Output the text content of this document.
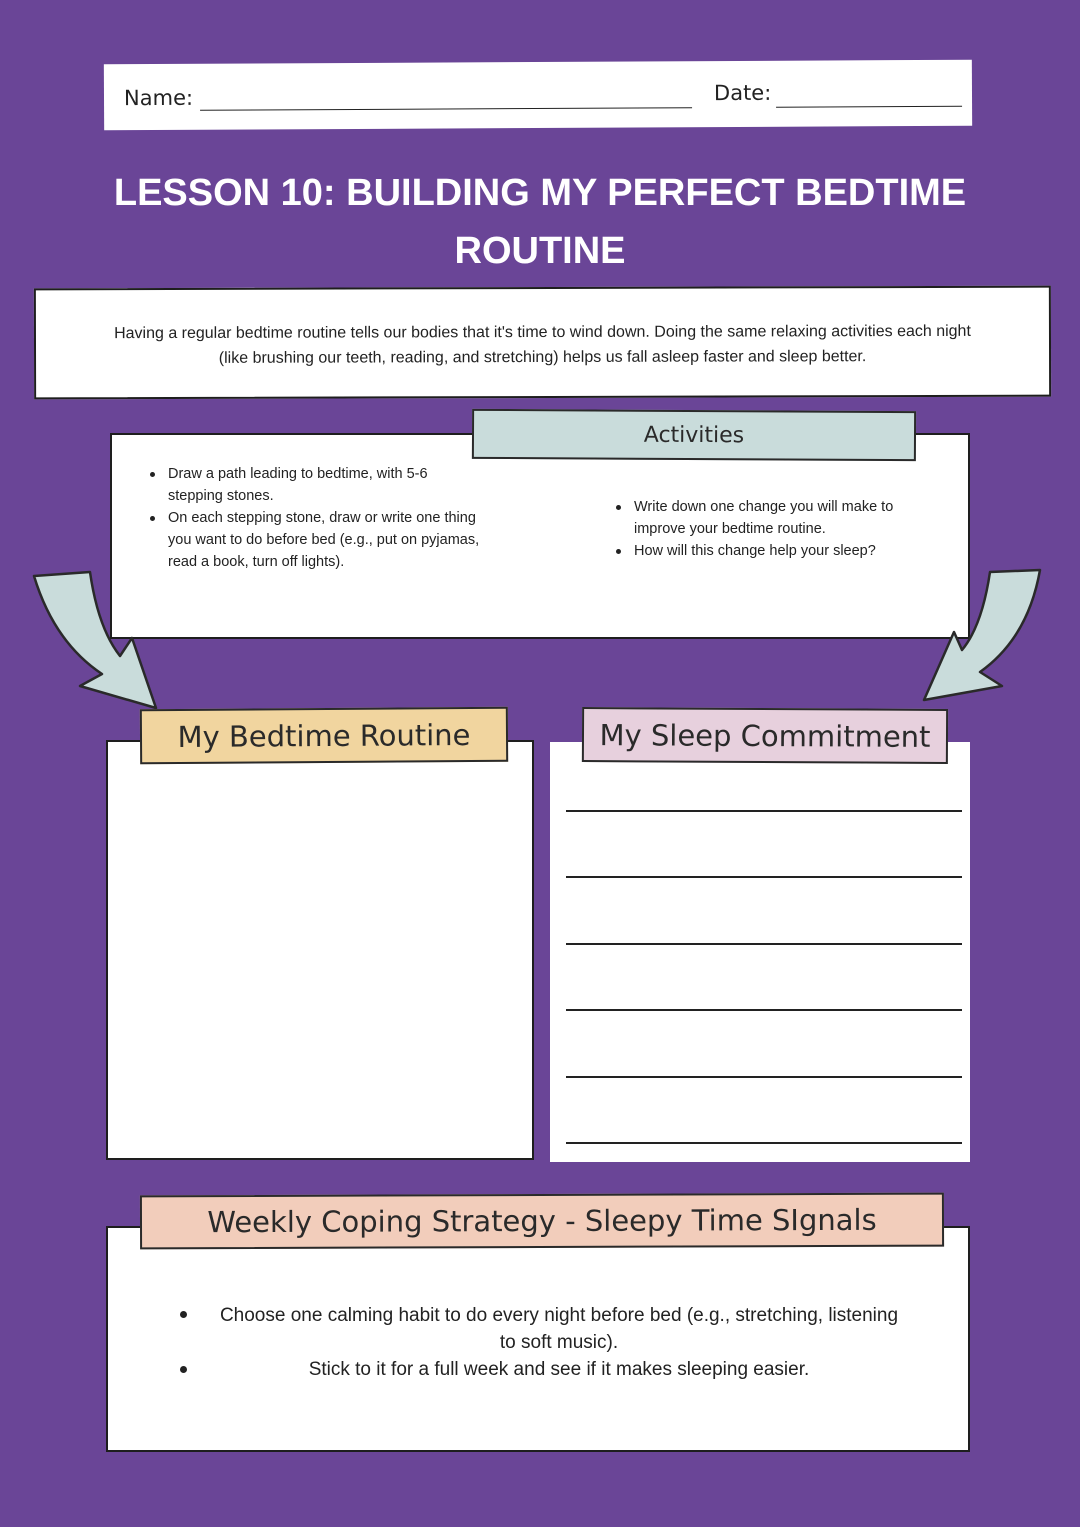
Name:	Date:
LESSON 10: BUILDING MY PERFECT BEDTIME
ROUTINE
Having a regular bedtime routine tells our bodies that it's time to wind down. Doing the same relaxing activities each night
(like brushing our teeth, reading, and stretching) helps us fall asleep faster and sleep better.
Draw a path leading to bedtime, with 5-6 stepping stones.
On each stepping stone, draw or write one thing you want to do before bed (e.g., put on pyjamas, read a book, turn off lights).
Write down one change you will make to improve your bedtime routine.
How will this change help your sleep?
Activities
My Bedtime Routine	My Sleep Commitment
Choose one calming habit to do every night before bed (e.g., stretching, listening
to soft music).
Stick to it for a full week and see if it makes sleeping easier.
Weekly Coping Strategy - Sleepy Time SIgnals
